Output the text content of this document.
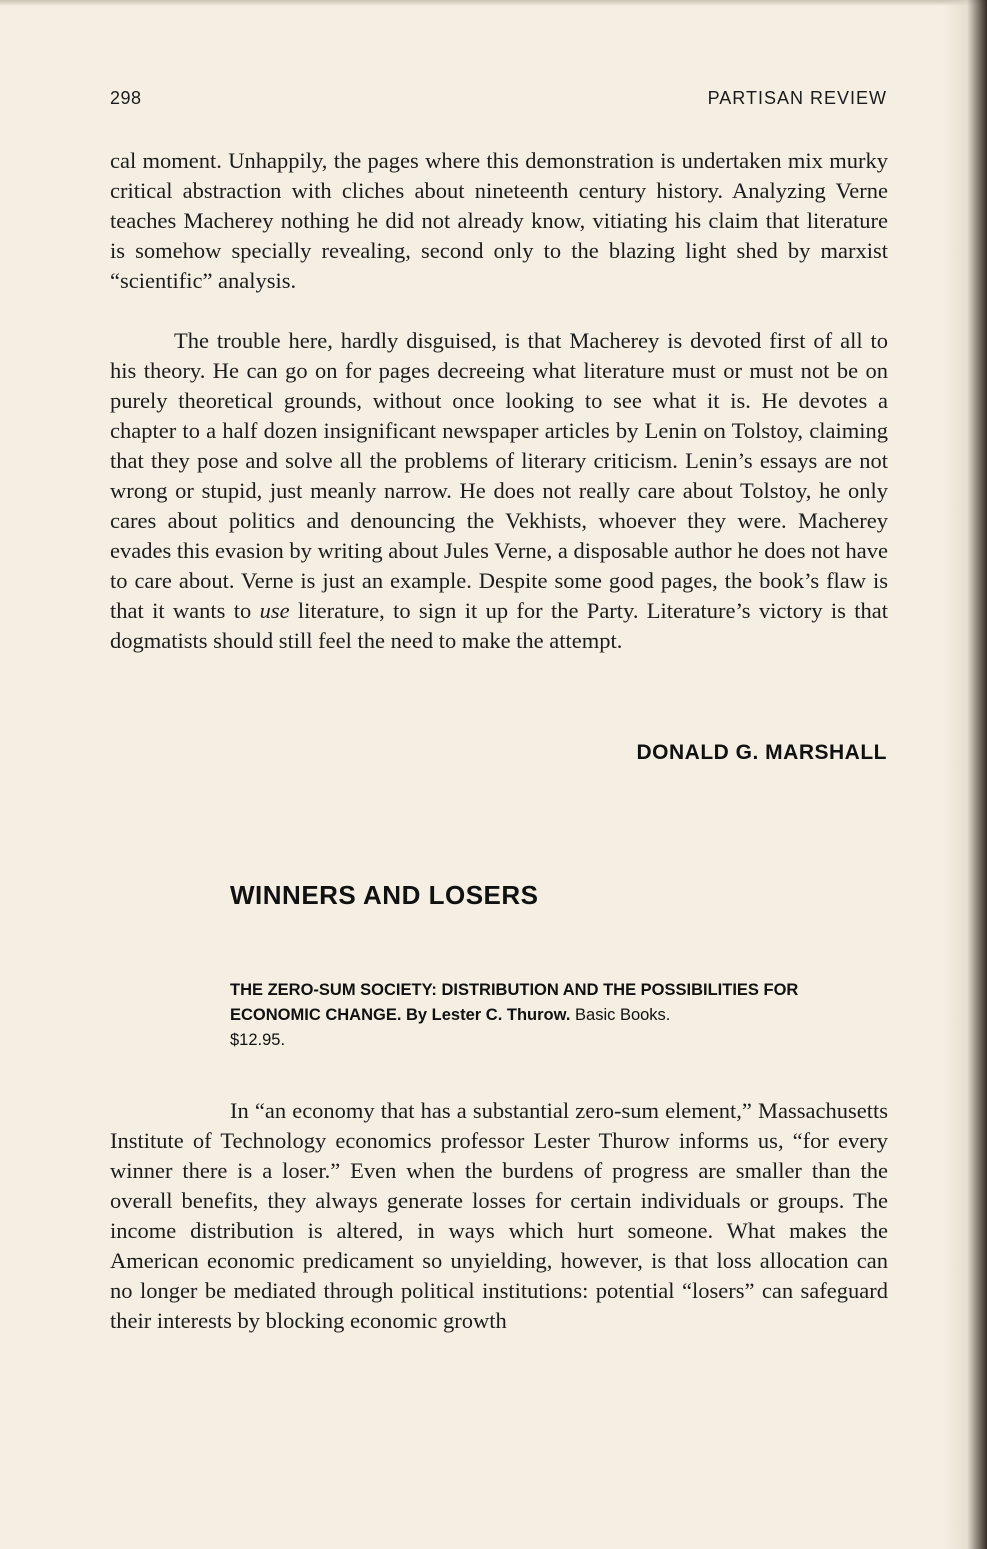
298	PARTISAN REVIEW

cal moment. Unhappily, the pages where this demonstration is undertaken mix murky critical abstraction with cliches about nineteenth century history. Analyzing Verne teaches Macherey nothing he did not already know, vitiating his claim that literature is somehow specially revealing, second only to the blazing light shed by marxist “scientific” analysis.

The trouble here, hardly disguised, is that Macherey is devoted first of all to his theory. He can go on for pages decreeing what literature must or must not be on purely theoretical grounds, without once looking to see what it is. He devotes a chapter to a half dozen insignificant newspaper articles by Lenin on Tolstoy, claiming that they pose and solve all the problems of literary criticism. Lenin’s essays are not wrong or stupid, just meanly narrow. He does not really care about Tolstoy, he only cares about politics and denouncing the Vekhists, whoever they were. Macherey evades this evasion by writing about Jules Verne, a disposable author he does not have to care about. Verne is just an example. Despite some good pages, the book’s flaw is that it wants to use literature, to sign it up for the Party. Literature’s victory is that dogmatists should still feel the need to make the attempt.

DONALD G. MARSHALL
WINNERS AND LOSERS
THE ZERO-SUM SOCIETY: DISTRIBUTION AND THE POSSIBILITIES FOR ECONOMIC CHANGE. By Lester C. Thurow. Basic Books.
$12.95.

In “an economy that has a substantial zero-sum element,” Massachusetts Institute of Technology economics professor Lester Thurow informs us, “for every winner there is a loser.” Even when the burdens of progress are smaller than the overall benefits, they always generate losses for certain individuals or groups. The income distribution is altered, in ways which hurt someone. What makes the American economic predicament so unyielding, however, is that loss allocation can no longer be mediated through political institutions: potential “losers” can safeguard their interests by blocking economic growth
